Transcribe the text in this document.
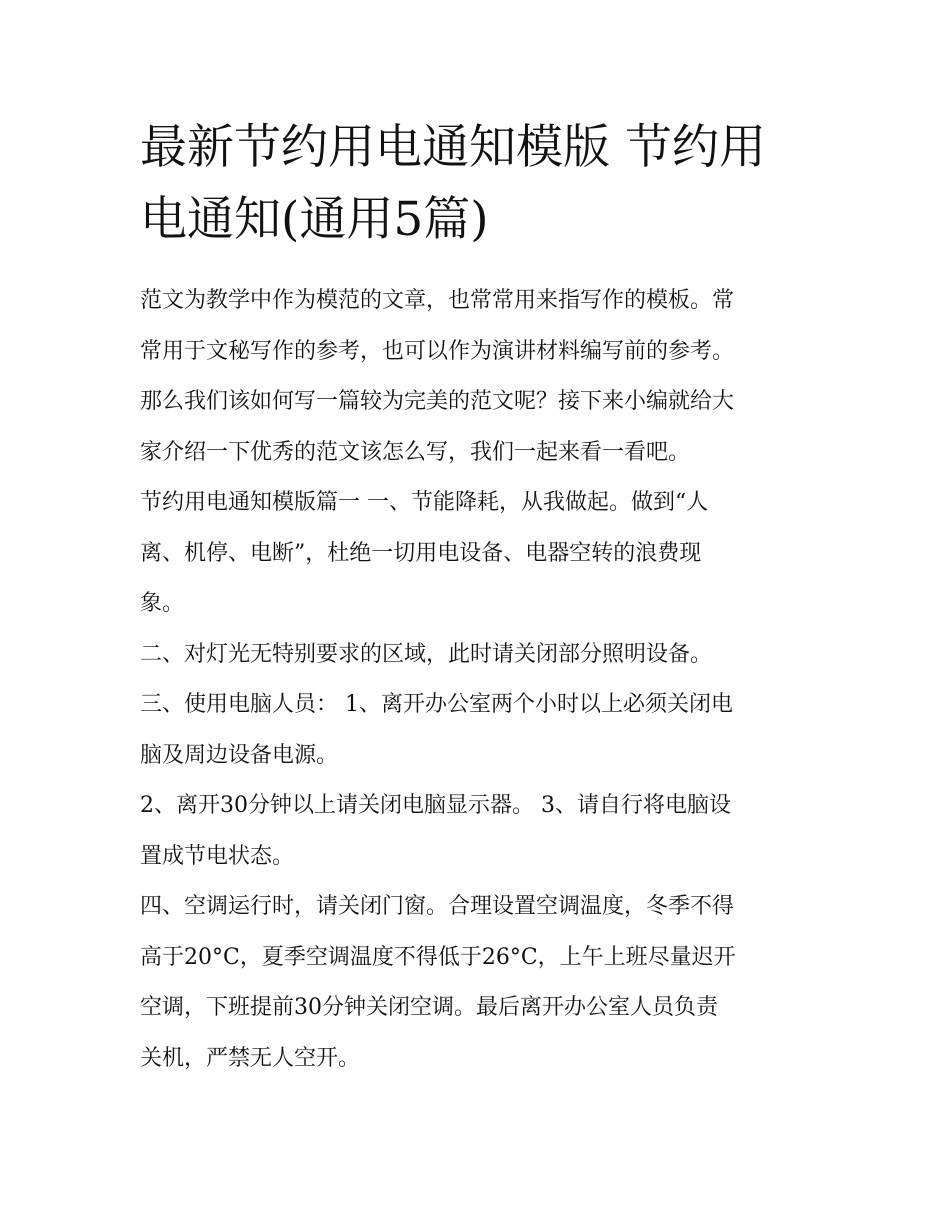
最新节约用电通知模版 节约用
电通知(通用5篇)
范文为教学中作为模范的文章，也常常用来指写作的模板。常
常用于文秘写作的参考，也可以作为演讲材料编写前的参考。
那么我们该如何写一篇较为完美的范文呢？接下来小编就给大
家介绍一下优秀的范文该怎么写，我们一起来看一看吧。
节约用电通知模版篇一 一、节能降耗，从我做起。做到“人
离、机停、电断”，杜绝一切用电设备、电器空转的浪费现
象。
二、对灯光无特别要求的区域，此时请关闭部分照明设备。
三、使用电脑人员： 1、离开办公室两个小时以上必须关闭电
脑及周边设备电源。
2、离开30分钟以上请关闭电脑显示器。 3、请自行将电脑设
置成节电状态。
四、空调运行时，请关闭门窗。合理设置空调温度，冬季不得
高于20°C，夏季空调温度不得低于26°C，上午上班尽量迟开
空调，下班提前30分钟关闭空调。最后离开办公室人员负责
关机，严禁无人空开。
